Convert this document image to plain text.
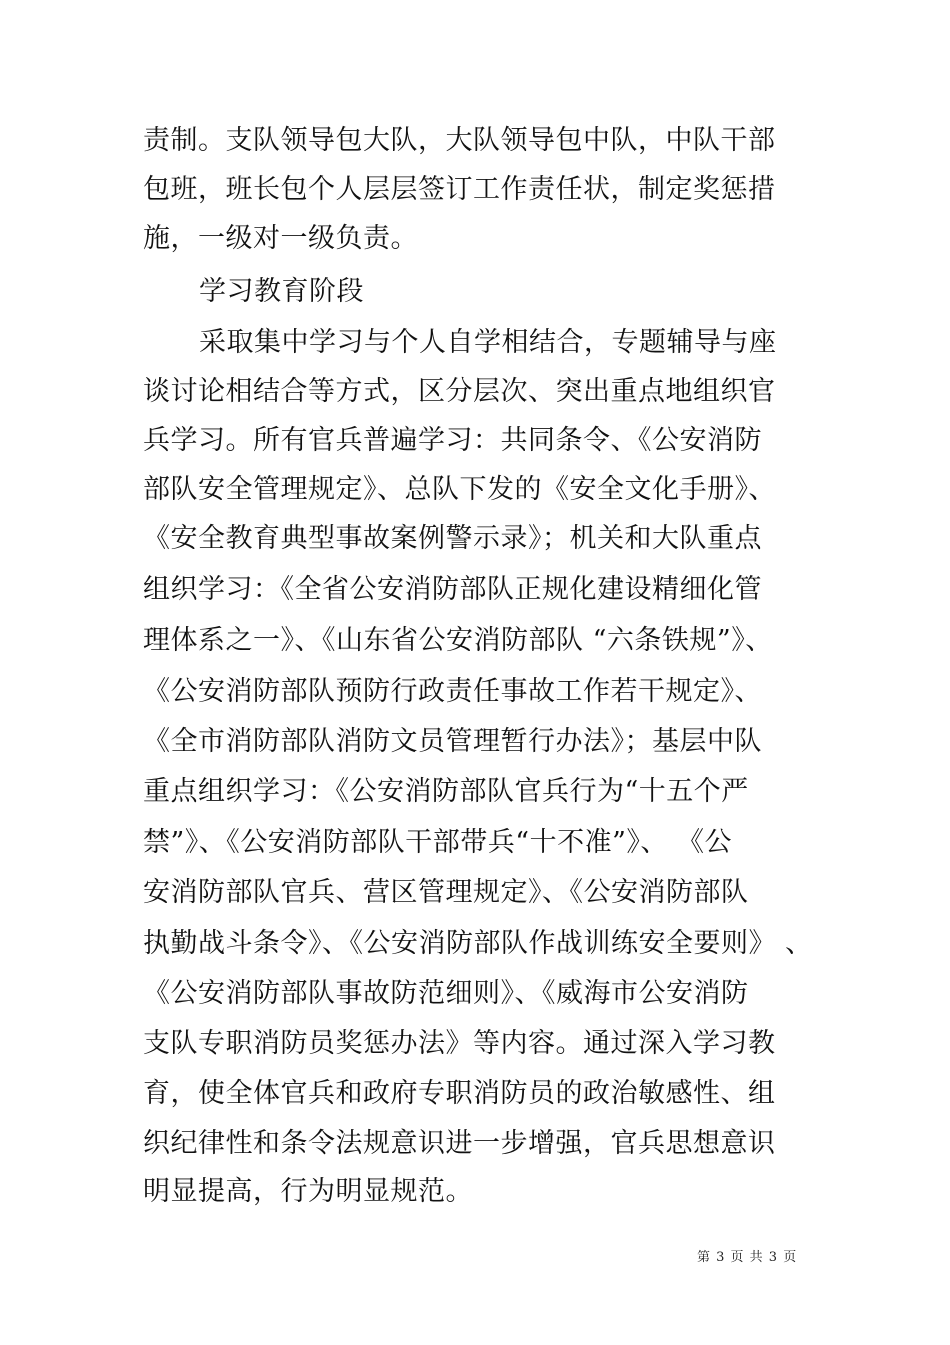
责制。支队领导包大队，大队领导包中队，中队干部
包班，班长包个人层层签订工作责任状，制定奖惩措
施，一级对一级负责。
学习教育阶段
采取集中学习与个人自学相结合，专题辅导与座
谈讨论相结合等方式，区分层次、突出重点地组织官
兵学习。所有官兵普遍学习：共同条令、《公安消防
部队安全管理规定》、总队下发的《安全文化手册》、
《安全教育典型事故案例警示录》；机关和大队重点
组织学习：《全省公安消防部队正规化建设精细化管
理体系之一》、《山东省公安消防部队 “六条铁规”》、
《公安消防部队预防行政责任事故工作若干规定》、
《全市消防部队消防文员管理暂行办法》；基层中队
重点组织学习：《公安消防部队官兵行为“十五个严
禁”》、《公安消防部队干部带兵“十不准”》、 《公
安消防部队官兵、营区管理规定》、《公安消防部队
执勤战斗条令》、《公安消防部队作战训练安全要则》 、
《公安消防部队事故防范细则》、《威海市公安消防
支队专职消防员奖惩办法》等内容。通过深入学习教
育，使全体官兵和政府专职消防员的政治敏感性、组
织纪律性和条令法规意识进一步增强，官兵思想意识
明显提高，行为明显规范。
第 3 页 共 3 页
